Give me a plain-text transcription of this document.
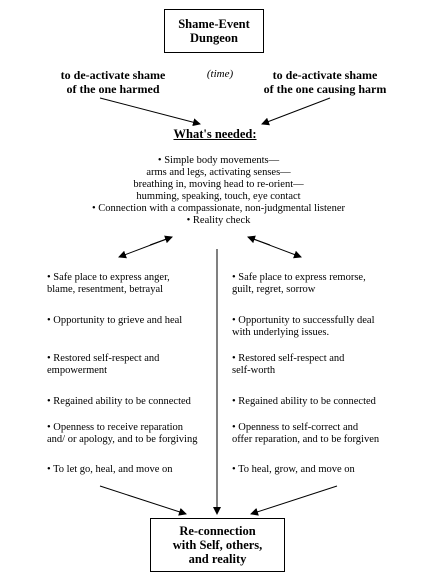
Shame-Event
Dungeon
to de-activate shame
of the one harmed
(time)	to de-activate shame
of the one causing harm
What's needed:
• Simple body movements—
arms and legs, activating senses—
breathing in, moving head to re-orient—
humming, speaking, touch, eye contact
• Connection with a compassionate, non-judgmental listener
• Reality check
• Safe place to express anger,
blame, resentment, betrayal
• Opportunity to grieve and heal
• Restored self-respect and
empowerment
• Regained ability to be connected
• Openness to receive reparation
and/ or apology, and to be forgiving
• To let go, heal, and move on
• Safe place to express remorse,
guilt, regret, sorrow
• Opportunity to successfully deal
with underlying issues.
• Restored self-respect and
self-worth
• Regained ability to be connected
• Openness to self-correct and
offer reparation, and to be forgiven
• To heal, grow, and move on
Re-connection
with Self, others,
and reality
